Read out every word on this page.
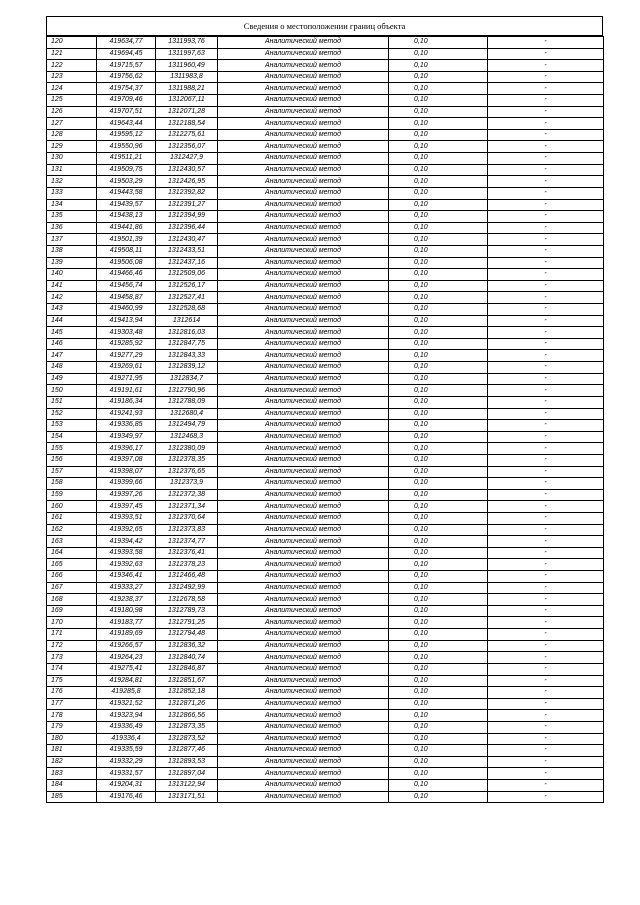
Сведения о местоположении границ объекта
120	419634,77	1311993,76	Аналитический метод	0,10	-
121	419694,45	1311997,63	Аналитический метод	0,10	-
122	419715,57	1311960,49	Аналитический метод	0,10	-
123	419756,62	1311983,8	Аналитический метод	0,10	-
124	419754,37	1311988,21	Аналитический метод	0,10	-
125	419709,46	1312067,11	Аналитический метод	0,10	-
126	419707,51	1312071,28	Аналитический метод	0,10	-
127	419643,44	1312188,54	Аналитический метод	0,10	-
128	419595,12	1312275,61	Аналитический метод	0,10	-
129	419550,96	1312356,07	Аналитический метод	0,10	-
130	419511,21	1312427,9	Аналитический метод	0,10	-
131	419509,75	1312430,57	Аналитический метод	0,10	-
132	419503,29	1312426,95	Аналитический метод	0,10	-
133	419443,58	1312392,82	Аналитический метод	0,10	-
134	419439,57	1312391,27	Аналитический метод	0,10	-
135	419438,13	1312394,99	Аналитический метод	0,10	-
136	419441,86	1312396,44	Аналитический метод	0,10	-
137	419501,39	1312430,47	Аналитический метод	0,10	-
138	419508,11	1312433,51	Аналитический метод	0,10	-
139	419506,08	1312437,16	Аналитический метод	0,10	-
140	419466,46	1312509,06	Аналитический метод	0,10	-
141	419456,74	1312526,17	Аналитический метод	0,10	-
142	419458,87	1312527,41	Аналитический метод	0,10	-
143	419460,99	1312528,68	Аналитический метод	0,10	-
144	419413,94	1312614	Аналитический метод	0,10	-
145	419303,48	1312816,03	Аналитический метод	0,10	-
146	419285,92	1312847,75	Аналитический метод	0,10	-
147	419277,29	1312843,33	Аналитический метод	0,10	-
148	419269,61	1312839,12	Аналитический метод	0,10	-
149	419271,95	1312834,7	Аналитический метод	0,10	-
150	419191,61	1312790,96	Аналитический метод	0,10	-
151	419186,34	1312788,09	Аналитический метод	0,10	-
152	419241,93	1312680,4	Аналитический метод	0,10	-
153	419336,85	1312494,79	Аналитический метод	0,10	-
154	419349,97	1312468,3	Аналитический метод	0,10	-
155	419396,17	1312380,09	Аналитический метод	0,10	-
156	419397,08	1312378,35	Аналитический метод	0,10	-
157	419398,07	1312376,65	Аналитический метод	0,10	-
158	419399,66	1312373,9	Аналитический метод	0,10	-
159	419397,26	1312372,38	Аналитический метод	0,10	-
160	419397,45	1312371,34	Аналитический метод	0,10	-
161	419393,51	1312370,64	Аналитический метод	0,10	-
162	419392,65	1312373,83	Аналитический метод	0,10	-
163	419394,42	1312374,77	Аналитический метод	0,10	-
164	419393,58	1312376,41	Аналитический метод	0,10	-
165	419392,63	1312378,23	Аналитический метод	0,10	-
166	419346,41	1312466,48	Аналитический метод	0,10	-
167	419333,27	1312492,99	Аналитический метод	0,10	-
168	419238,37	1312678,58	Аналитический метод	0,10	-
169	419180,98	1312789,73	Аналитический метод	0,10	-
170	419183,77	1312791,25	Аналитический метод	0,10	-
171	419189,69	1312794,48	Аналитический метод	0,10	-
172	419266,57	1312836,32	Аналитический метод	0,10	-
173	419264,23	1312840,74	Аналитический метод	0,10	-
174	419275,41	1312846,87	Аналитический метод	0,10	-
175	419284,81	1312851,67	Аналитический метод	0,10	-
176	419285,8	1312852,18	Аналитический метод	0,10	-
177	419321,52	1312871,26	Аналитический метод	0,10	-
178	419323,94	1312866,56	Аналитический метод	0,10	-
179	419336,49	1312873,35	Аналитический метод	0,10	-
180	419336,4	1312873,52	Аналитический метод	0,10	-
181	419335,59	1312877,46	Аналитический метод	0,10	-
182	419332,29	1312893,53	Аналитический метод	0,10	-
183	419331,57	1312897,04	Аналитический метод	0,10	-
184	419204,31	1313122,94	Аналитический метод	0,10	-
185	419176,46	1313171,51	Аналитический метод	0,10	-
